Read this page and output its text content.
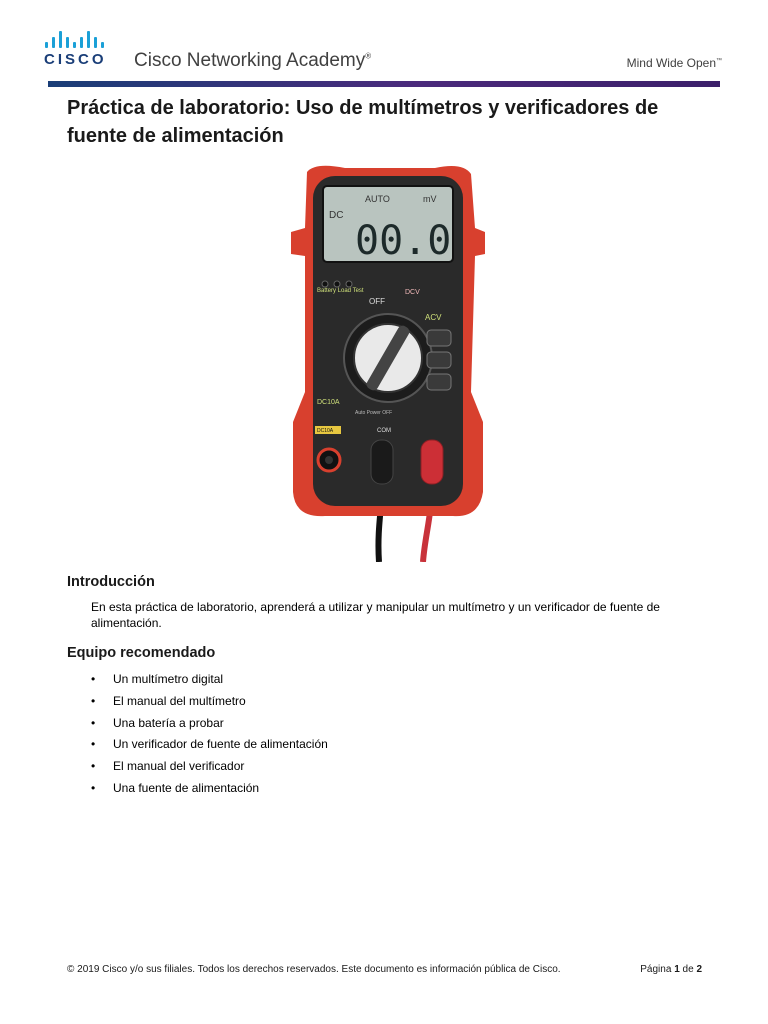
CISCO	Cisco Networking Academy®	Mind Wide Open™
Práctica de laboratorio: Uso de multímetros y verificadores de fuente de alimentación
DC
AUTO	mV
00.0
OFF
ACV
DCV
Battery Load Test
DC10A
Auto Power OFF
DC10A	COM
Introducción

En esta práctica de laboratorio, aprenderá a utilizar y manipular un multímetro y un verificador de fuente de alimentación.

Equipo recomendado
• Un multímetro digital
• El manual del multímetro
• Una batería a probar
• Un verificador de fuente de alimentación
• El manual del verificador
• Una fuente de alimentación
© 2019 Cisco y/o sus filiales. Todos los derechos reservados. Este documento es información pública de Cisco.	Página 1 de 2
